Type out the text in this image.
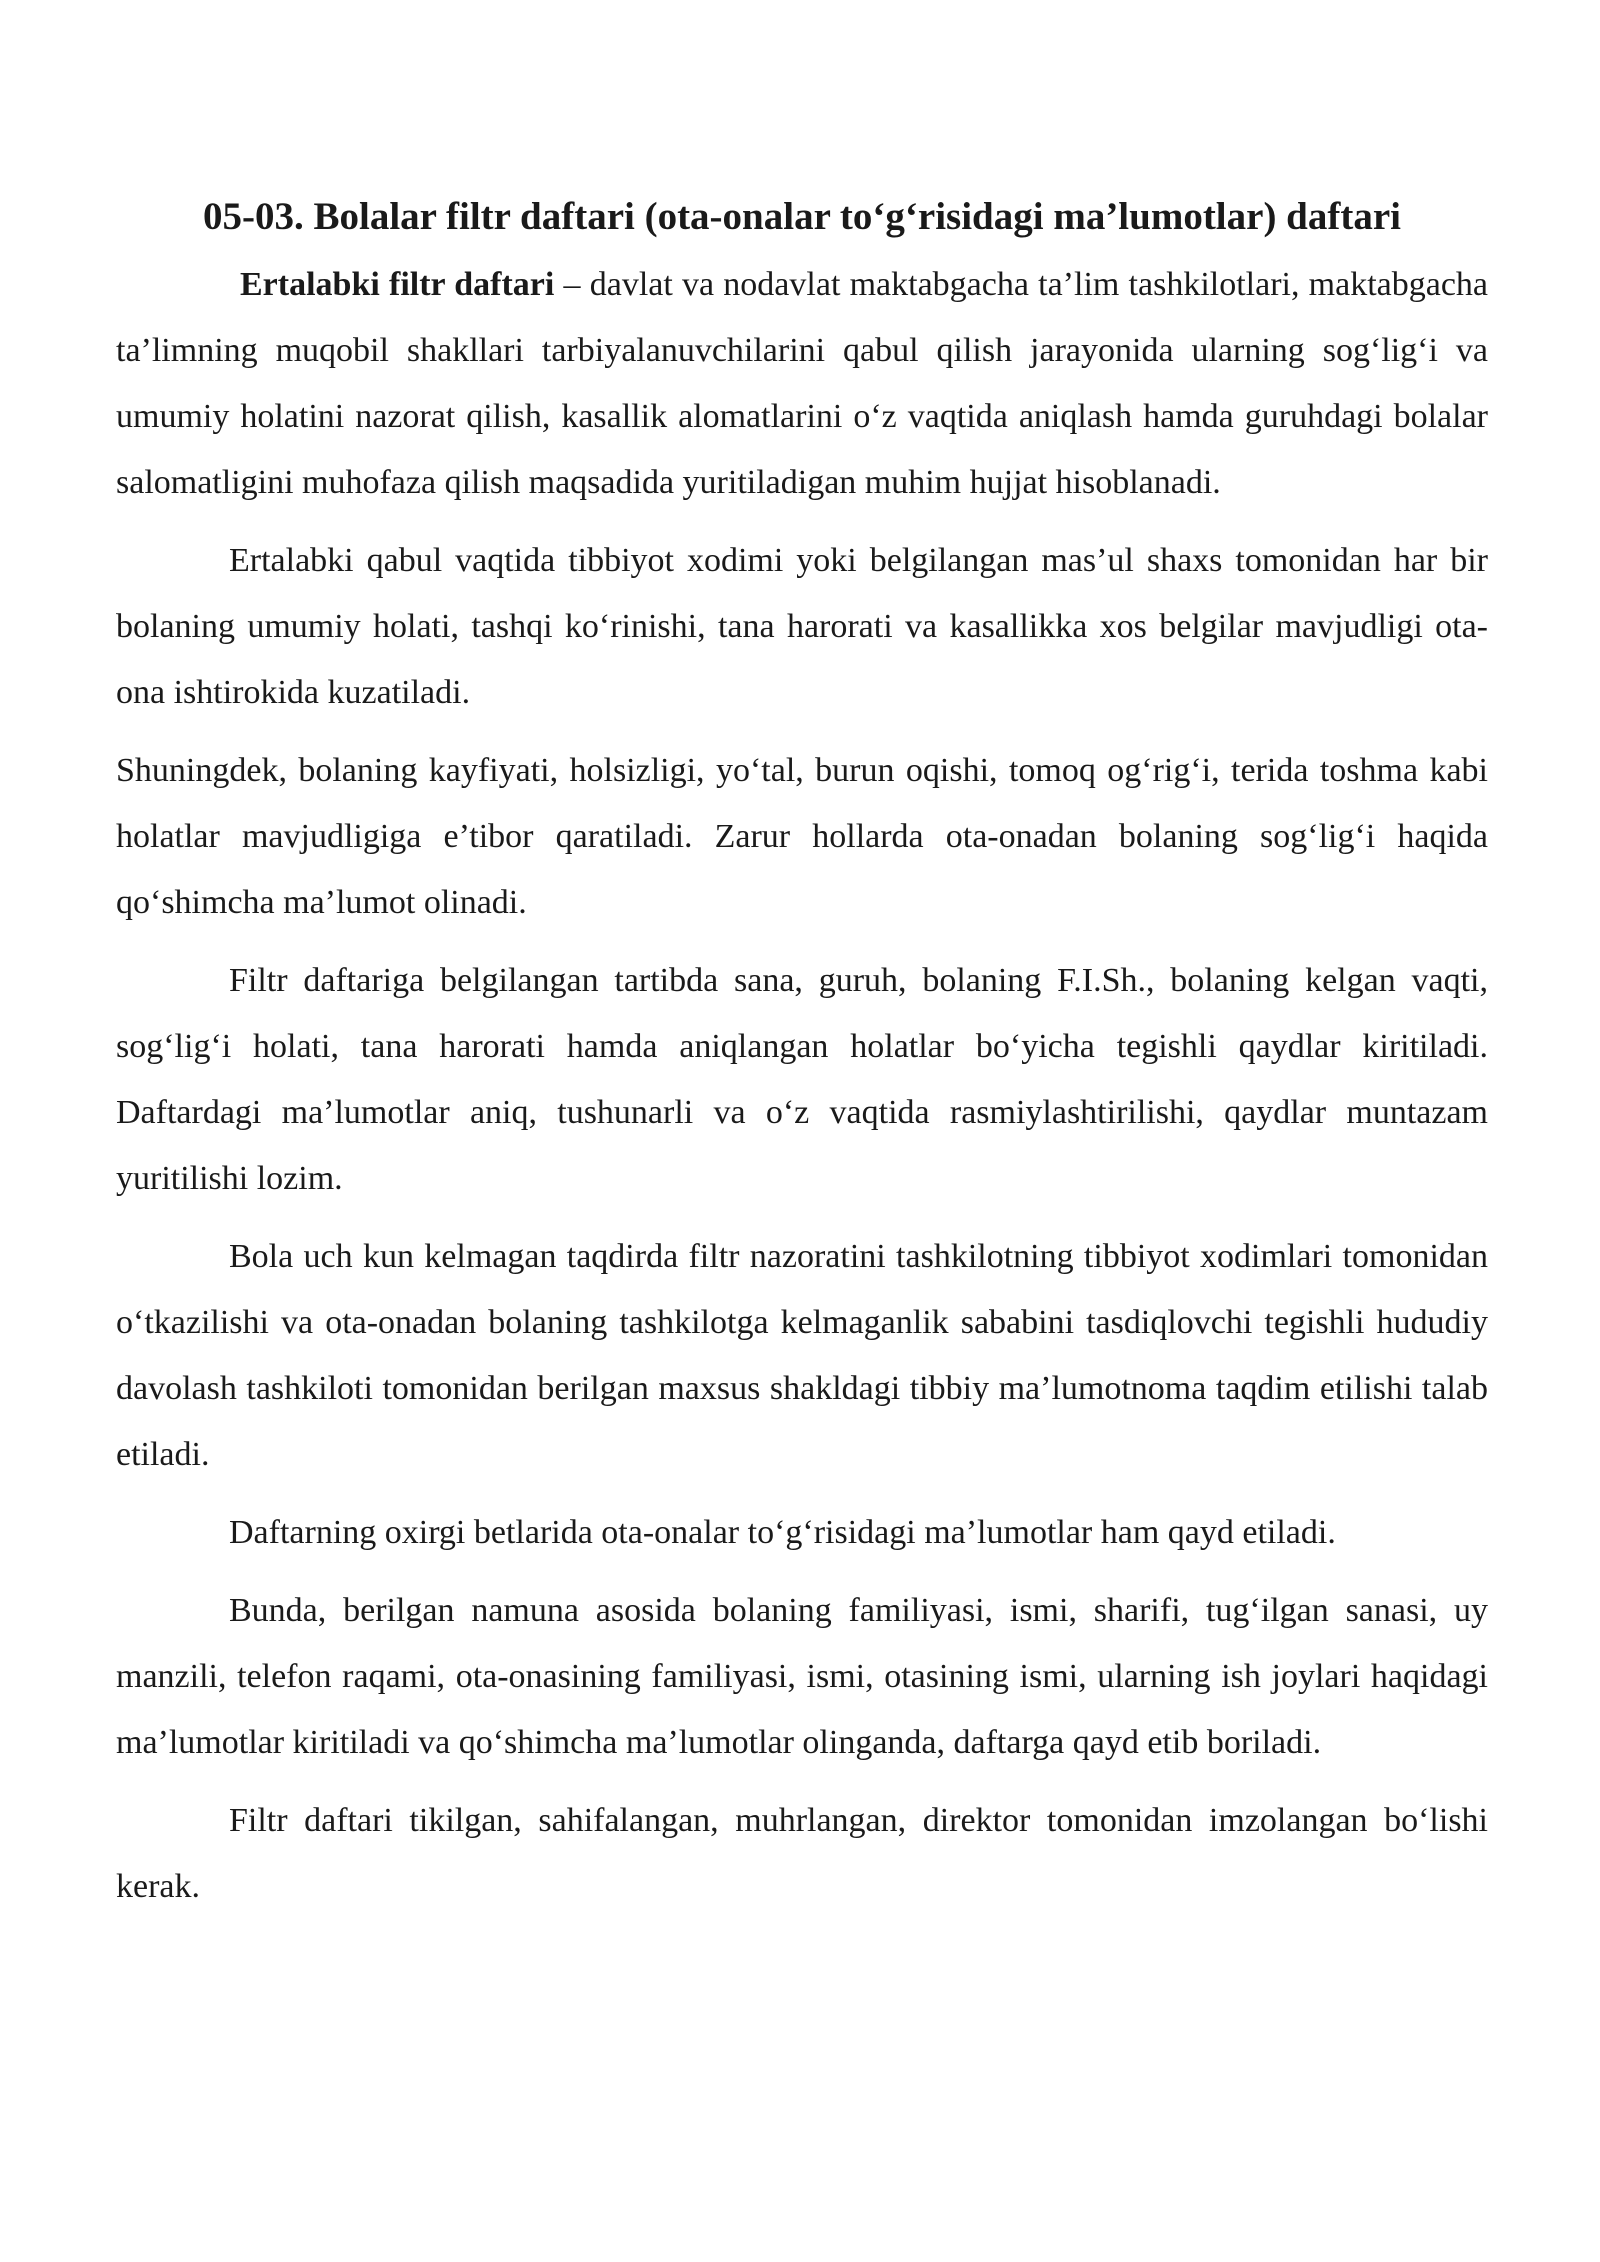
05-03. Bolalar filtr daftari (ota-onalar to‘g‘risidagi ma’lumotlar) daftari

Ertalabki filtr daftari – davlat va nodavlat maktabgacha ta’lim tashkilotlari, maktabgacha ta’limning muqobil shakllari tarbiyalanuvchilarini qabul qilish jarayonida ularning sog‘lig‘i va umumiy holatini nazorat qilish, kasallik alomatlarini o‘z vaqtida aniqlash hamda guruhdagi bolalar salomatligini muhofaza qilish maqsadida yuritiladigan muhim hujjat hisoblanadi.

Ertalabki qabul vaqtida tibbiyot xodimi yoki belgilangan mas’ul shaxs tomonidan har bir bolaning umumiy holati, tashqi ko‘rinishi, tana harorati va kasallikka xos belgilar mavjudligi ota-ona ishtirokida kuzatiladi.

Shuningdek, bolaning kayfiyati, holsizligi, yo‘tal, burun oqishi, tomoq og‘rig‘i, terida toshma kabi holatlar mavjudligiga e’tibor qaratiladi. Zarur hollarda ota-onadan bolaning sog‘lig‘i haqida qo‘shimcha ma’lumot olinadi.

Filtr daftariga belgilangan tartibda sana, guruh, bolaning F.I.Sh., bolaning kelgan vaqti, sog‘lig‘i holati, tana harorati hamda aniqlangan holatlar bo‘yicha tegishli qaydlar kiritiladi. Daftardagi ma’lumotlar aniq, tushunarli va o‘z vaqtida rasmiylashtirilishi, qaydlar muntazam yuritilishi lozim.

Bola uch kun kelmagan taqdirda filtr nazoratini tashkilotning tibbiyot xodimlari tomonidan o‘tkazilishi va ota-onadan bolaning tashkilotga kelmaganlik sababini tasdiqlovchi tegishli hududiy davolash tashkiloti tomonidan berilgan maxsus shakldagi tibbiy ma’lumotnoma taqdim etilishi talab etiladi.

Daftarning oxirgi betlarida ota-onalar to‘g‘risidagi ma’lumotlar ham qayd etiladi.

Bunda, berilgan namuna asosida bolaning familiyasi, ismi, sharifi, tug‘ilgan sanasi, uy manzili, telefon raqami, ota-onasining familiyasi, ismi, otasining ismi, ularning ish joylari haqidagi ma’lumotlar kiritiladi va qo‘shimcha ma’lumotlar olinganda, daftarga qayd etib boriladi.

Filtr daftari tikilgan, sahifalangan, muhrlangan, direktor tomonidan imzolangan bo‘lishi kerak.
